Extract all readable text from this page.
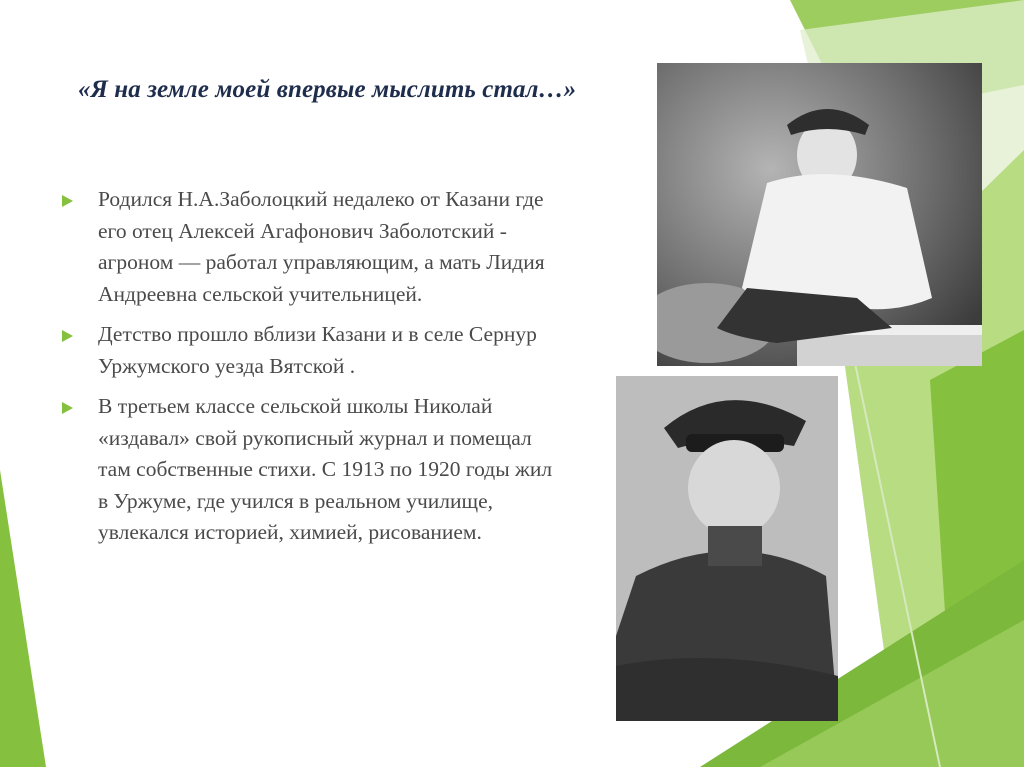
«Я на земле моей впервые мыслить стал…»
Родился Н.А.Заболоцкий недалеко от Казани где его отец Алексей Агафонович Заболотский - агроном — работал управляющим, а мать Лидия Андреевна сельской учительницей.
Детство прошло вблизи Казани и в селе Сернур Уржумского уезда Вятской .
В третьем классе сельской школы Николай «издавал» свой рукописный журнал и помещал там собственные стихи. С 1913 по 1920 годы жил в Уржуме, где учился в реальном училище, увлекался историей, химией, рисованием.
